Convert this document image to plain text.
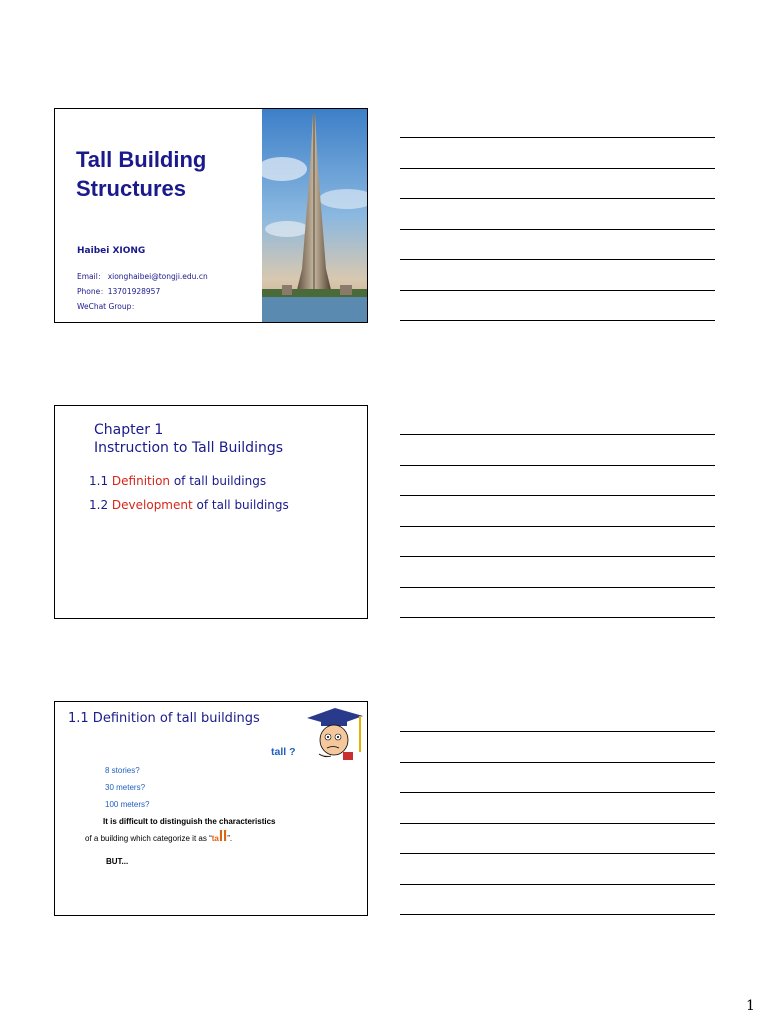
Tall Building
Structures
Haibei XIONG
Email： xionghaibei@tongji.edu.cn
Phone：13701928957
WeChat Group：
Chapter 1
Instruction to Tall Buildings
1.1 Definition of tall buildings
1.2 Development of tall buildings
1.1 Definition of tall buildings
tall ?
8 stories?
30 meters?
100 meters?
It is difficult to distinguish the characteristics
of a building which categorize it as “tall”.
BUT...
1
